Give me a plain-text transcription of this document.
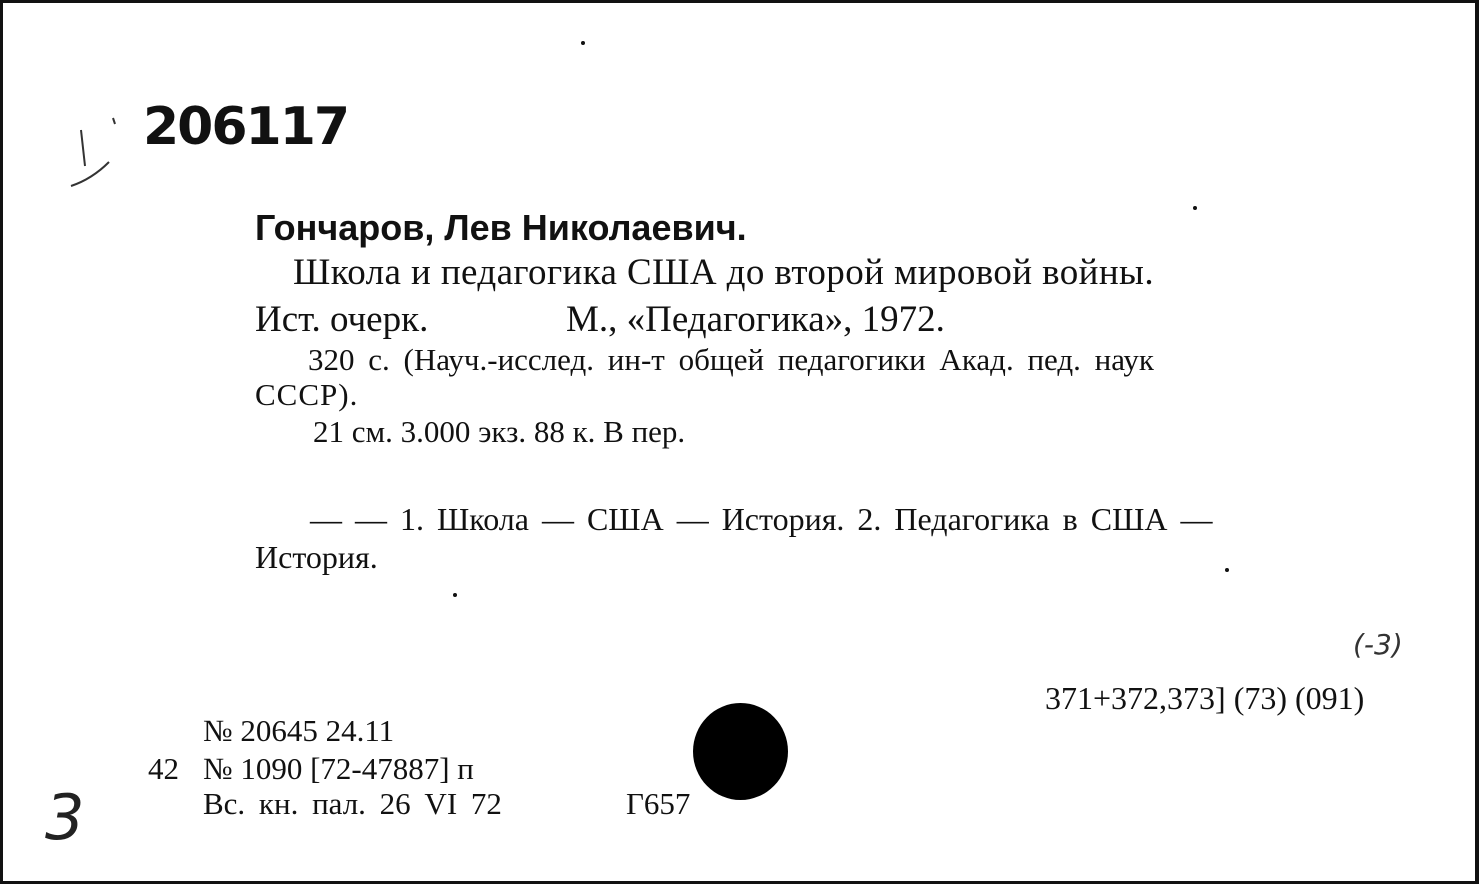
206117
Гончаров, Лев Николаевич.
Школа и педагогика США до второй мировой войны.
Ист. очерк.	М., «Педагогика», 1972.
320 с. (Науч.-исслед. ин-т общей педагогики Акад. пед. наук
СССР).
21 см. 3.000 экз. 88 к. В пер.
— — 1. Школа — США — История. 2. Педагогика в США —
История.
(-3)
371+372,373] (73) (091)
№ 20645 24.11
42 № 1090 [72-47887] п
Вс. кн. пал. 26 VI 72	Г657
3
